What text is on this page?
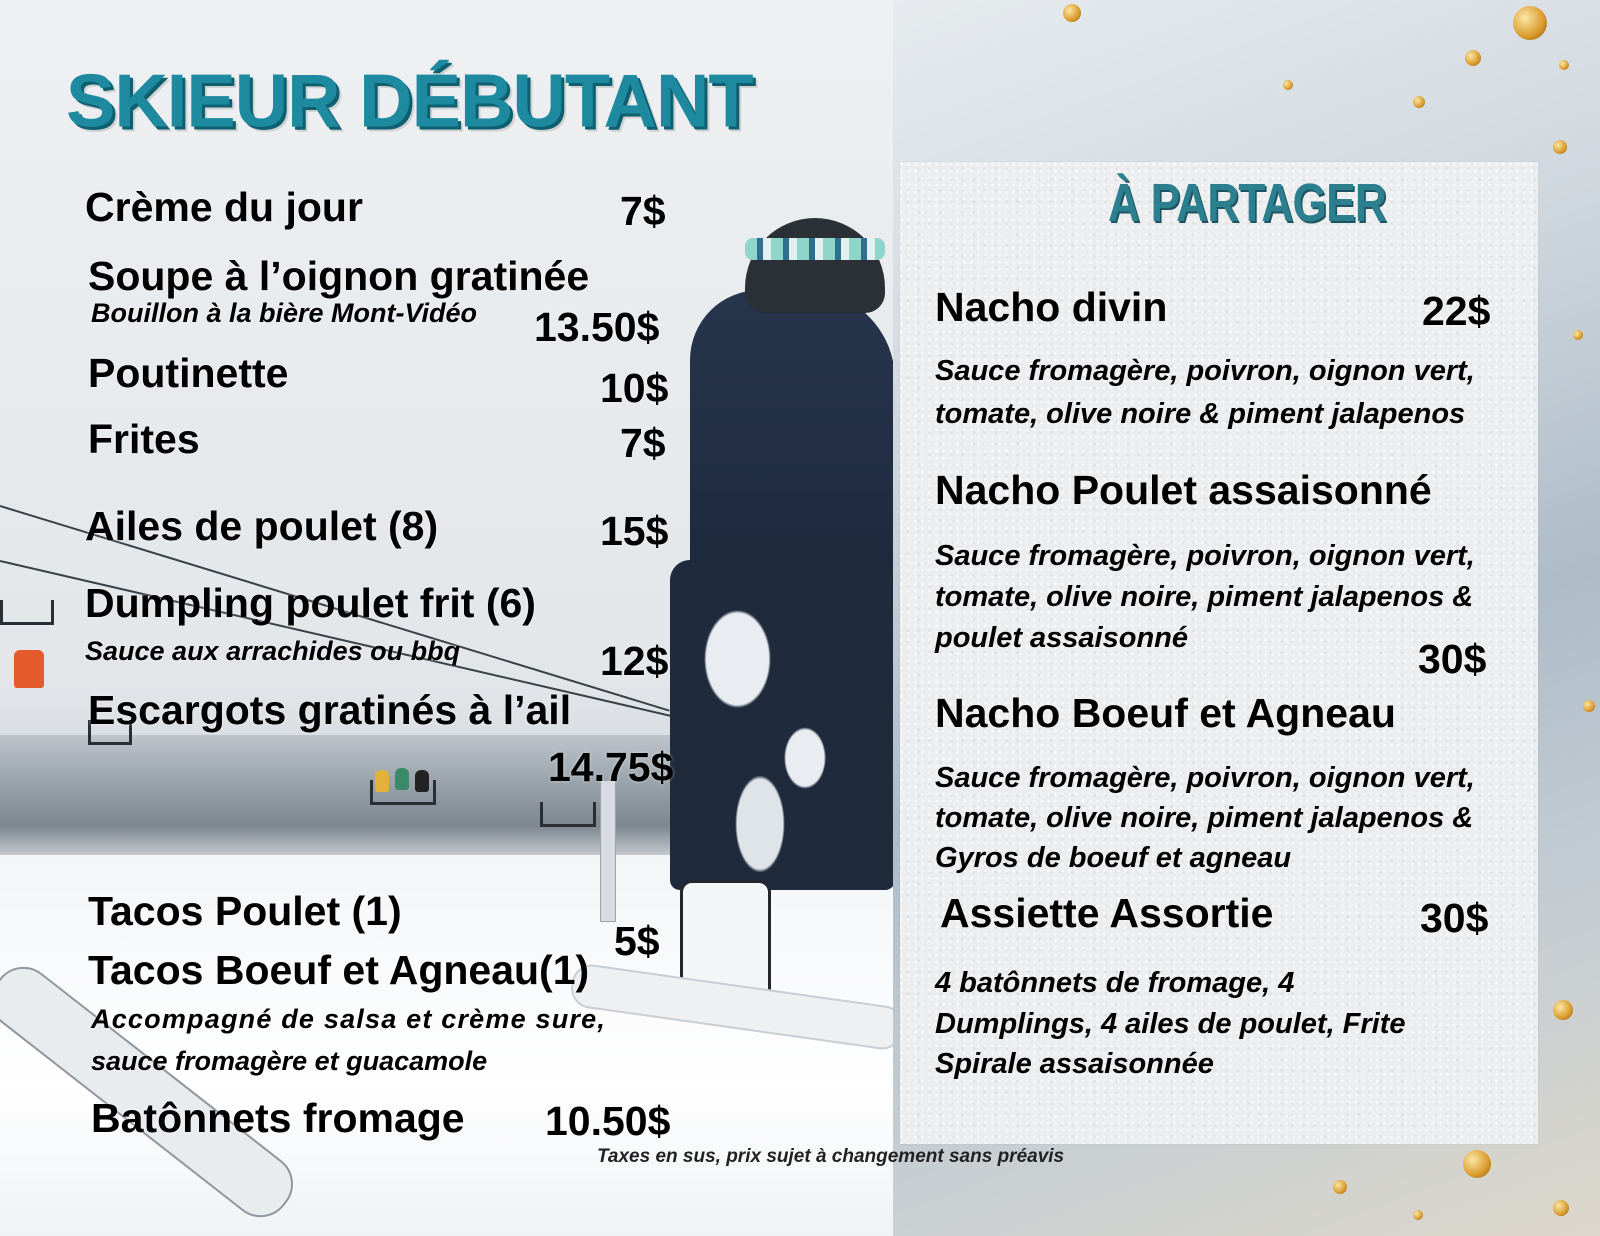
SKIEUR DÉBUTANT
Crème du jour	7$
Soupe à l’oignon gratinée
Bouillon à la bière Mont-Vidéo 13.50$
Poutinette	10$
Frites	7$
Ailes de poulet (8)	15$
Dumpling poulet frit (6)
Sauce aux arrachides ou bbq	12$
Escargots gratinés à l’ail
14.75$
Tacos Poulet (1)
5$
Tacos Boeuf et Agneau(1)
Accompagné de salsa et crème sure,
sauce fromagère et guacamole
Batônnets fromage 10.50$
À PARTAGER
Nacho divin	22$
Sauce fromagère, poivron, oignon vert,
tomate, olive noire & piment jalapenos
Nacho Poulet assaisonné
Sauce fromagère, poivron, oignon vert,
tomate, olive noire, piment jalapenos &
poulet assaisonné	30$
Nacho Boeuf et Agneau
Sauce fromagère, poivron, oignon vert,
tomate, olive noire, piment jalapenos &
Gyros de boeuf et agneau
Assiette Assortie	30$
4 batônnets de fromage, 4
Dumplings, 4 ailes de poulet, Frite
Spirale assaisonnée
Taxes en sus, prix sujet à changement sans préavis
